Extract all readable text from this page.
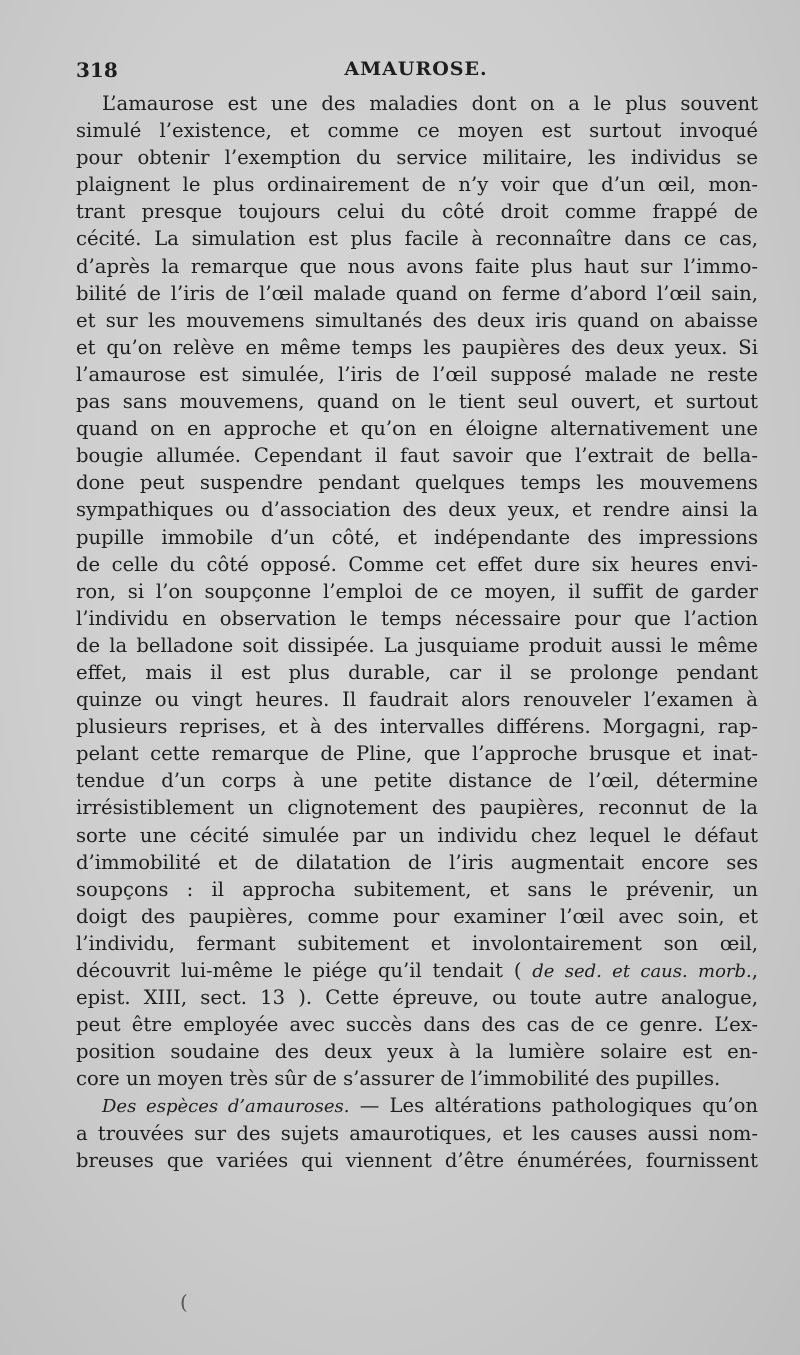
318	AMAUROSE.
L’amaurose est une des maladies dont on a le plus souvent
simulé l’existence, et comme ce moyen est surtout invoqué
pour obtenir l’exemption du service militaire, les individus se
plaignent le plus ordinairement de n’y voir que d’un œil, mon-
trant presque toujours celui du côté droit comme frappé de
cécité. La simulation est plus facile à reconnaître dans ce cas,
d’après la remarque que nous avons faite plus haut sur l’immo-
bilité de l’iris de l’œil malade quand on ferme d’abord l’œil sain,
et sur les mouvemens simultanés des deux iris quand on abaisse
et qu’on relève en même temps les paupières des deux yeux. Si
l’amaurose est simulée, l’iris de l’œil supposé malade ne reste
pas sans mouvemens, quand on le tient seul ouvert, et surtout
quand on en approche et qu’on en éloigne alternativement une
bougie allumée. Cependant il faut savoir que l’extrait de bella-
done peut suspendre pendant quelques temps les mouvemens
sympathiques ou d’association des deux yeux, et rendre ainsi la
pupille immobile d’un côté, et indépendante des impressions
de celle du côté opposé. Comme cet effet dure six heures envi-
ron, si l’on soupçonne l’emploi de ce moyen, il suffit de garder
l’individu en observation le temps nécessaire pour que l’action
de la belladone soit dissipée. La jusquiame produit aussi le même
effet, mais il est plus durable, car il se prolonge pendant
quinze ou vingt heures. Il faudrait alors renouveler l’examen à
plusieurs reprises, et à des intervalles différens. Morgagni, rap-
pelant cette remarque de Pline, que l’approche brusque et inat-
tendue d’un corps à une petite distance de l’œil, détermine
irrésistiblement un clignotement des paupières, reconnut de la
sorte une cécité simulée par un individu chez lequel le défaut
d’immobilité et de dilatation de l’iris augmentait encore ses
soupçons : il approcha subitement, et sans le prévenir, un
doigt des paupières, comme pour examiner l’œil avec soin, et
l’individu, fermant subitement et involontairement son œil,
découvrit lui-même le piége qu’il tendait ( de sed. et caus. morb.,
epist. XIII, sect. 13 ). Cette épreuve, ou toute autre analogue,
peut être employée avec succès dans des cas de ce genre. L’ex-
position soudaine des deux yeux à la lumière solaire est en-
core un moyen très sûr de s’assurer de l’immobilité des pupilles.
Des espèces d’amauroses. — Les altérations pathologiques qu’on
a trouvées sur des sujets amaurotiques, et les causes aussi nom-
breuses que variées qui viennent d’être énumérées, fournissent
(
